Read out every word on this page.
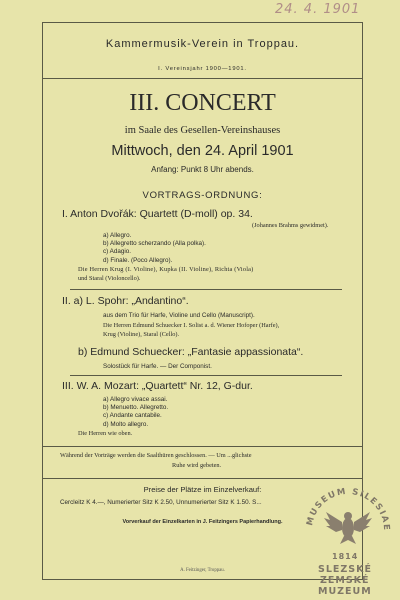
24. 4. 1901
Kammermusik-Verein in Troppau.
I. Vereinsjahr 1900—1901.
III. CONCERT
im Saale des Gesellen-Vereinshauses
Mittwoch, den 24. April 1901
Anfang: Punkt 8 Uhr abends.
VORTRAGS-ORDNUNG:
I. Anton Dvořák: Quartett (D-moll) op. 34.
(Johannes Brahms gewidmet).
a) Allegro.
b) Allegretto scherzando (Alla polka).
c) Adagio.
d) Finale. (Poco Allegro).
Die Herren Krug (I. Violine), Kupka (II. Violine), Richta (Viola)
und Staral (Violoncello).
II. a) L. Spohr: „Andantino“.
aus dem Trio für Harfe, Violine und Cello (Manuscript).
Die Herren Edmund Schuecker I. Solist a. d. Wiener Hofoper (Harfe),
Krug (Violine), Staral (Cello).
b) Edmund Schuecker: „Fantasie appassionata“.
Solostück für Harfe. — Der Componist.
III. W. A. Mozart: „Quartett“ Nr. 12, G-dur.
a) Allegro vivace assai.
b) Menuetto. Allegretto.
c) Andante cantabile.
d) Molto allegro.
Die Herren wie oben.
Während der Vorträge werden die Saalthüren geschlossen. — Um ...glichste
Ruhe wird gebeten.
Preise der Plätze im Einzelverkauf:
Cercleitz K 4.—, Numerierter Sitz K 2.50, Unnumerierter Sitz K 1.50. S...
Vorverkauf der Einzelkarten in J. Feitzingers Papierhandlung.
A. Feitzinger, Troppau.
MUSEUM SILESIAE
1814
SLEZSKÉ
ZEMSKÉ
MUZEUM
